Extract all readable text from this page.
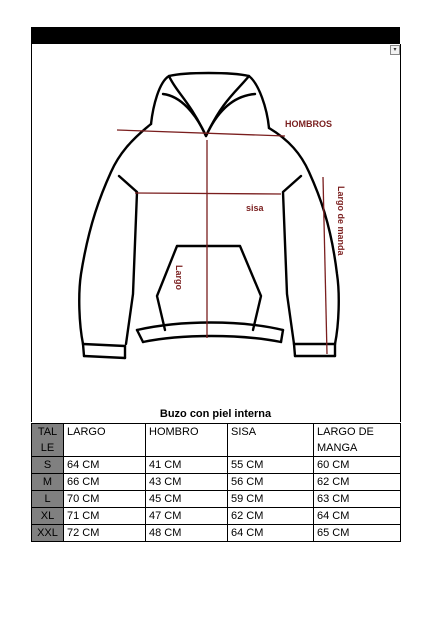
▾
HOMBROS
sisa
Largo
Largo de manda
Buzo con piel interna
TAL LE	LARGO	HOMBRO	SISA	LARGO DE MANGA
S	64 CM	41 CM	55 CM	60 CM
M	66 CM	43 CM	56 CM	62 CM
L	70 CM	45 CM	59 CM	63 CM
XL	71 CM	47 CM	62 CM	64 CM
XXL	72 CM	48 CM	64 CM	65 CM
